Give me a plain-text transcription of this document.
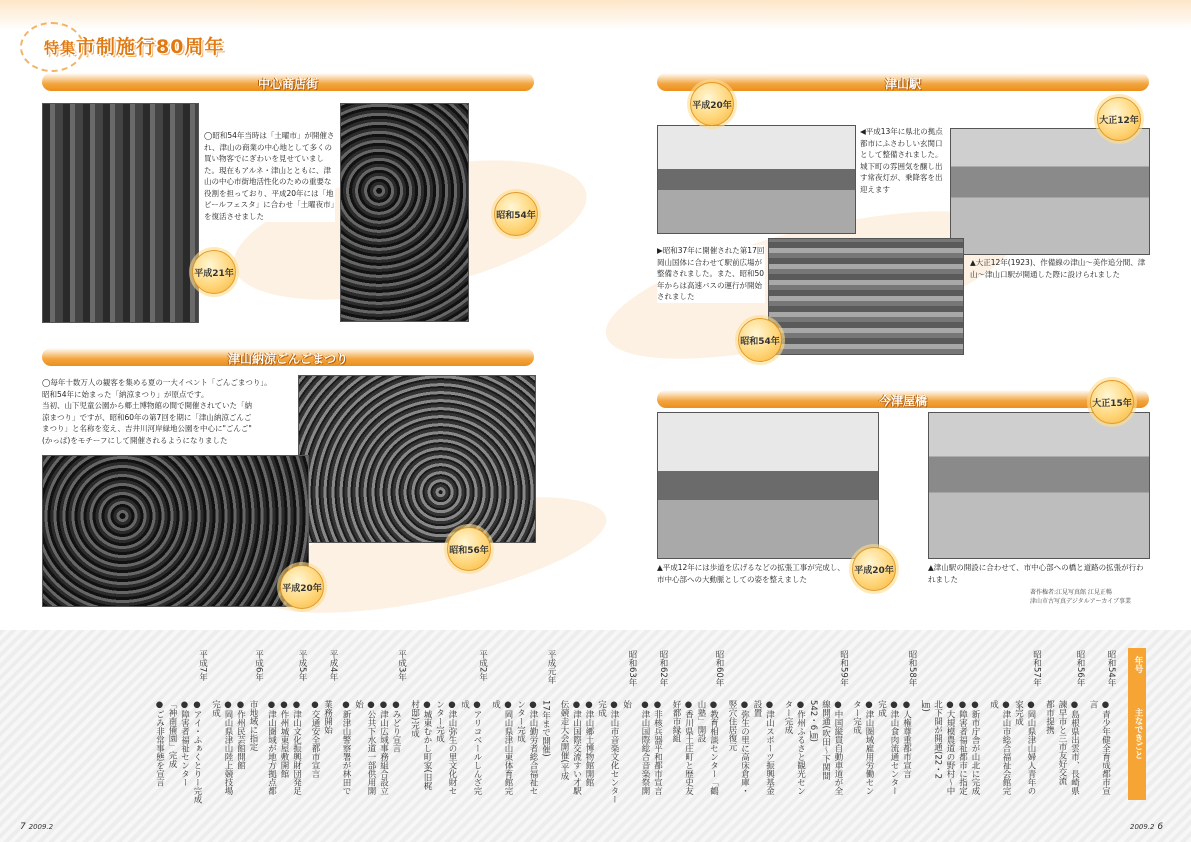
特集市制施行80周年
中心商店街
◯昭和54年当時は「土曜市」が開催され、津山の商業の中心地として多くの買い物客でにぎわいを見せていました。現在もアルネ・津山とともに、津山の中心市街地活性化のための重要な役割を担っており、平成20年には「地ビールフェスタ」に合わせ「土曜夜市」を復活させました
平成21年
昭和54年
津山納涼ごんごまつり
◯毎年十数万人の観客を集める夏の一大イベント「ごんごまつり」。
昭和54年に始まった「納涼まつり」が原点です。
当初、山下児童公園から郷土博物館の間で開催されていた「納
涼まつり」ですが、昭和60年の第7回を期に「津山納涼ごんご
まつり」と名称を変え、吉井川河岸緑地公園を中心に"ごんご"
(かっぱ)をモチーフにして開催されるようになりました
昭和56年
平成20年
津山駅
◀平成13年に県北の拠点都市にふさわしい玄関口として整備されました。城下町の雰囲気を醸し出す常夜灯が、乗降客を出迎えます
▶昭和37年に開催された第17回岡山国体に合わせて駅前広場が整備されました。また、昭和50年からは高速バスの運行が開始されました
▲大正12年(1923)、作備線の津山〜美作追分間、津山〜津山口駅が開通した際に設けられました
平成20年
大正12年
昭和54年
今津屋橋
▲平成12年には歩道を広げるなどの拡張工事が完成し、市中心部への大動脈としての姿を整えました
▲津山駅の開設に合わせて、市中心部への橋と道路の拡張が行われました
著作権者:江見写真館 江見正暢
津山市古写真デジタルアーカイブ事業
大正15年
平成20年
年号
主なできごと
昭和54年
●青少年健全育成都市宣
言
昭和56年
●島根県出雲市、長崎県
諫早市と三市友好交流
都市提携
昭和57年
●岡山県津山婦人青年の
家完成
●津山市総合福祉会館完
成
●新市庁舎が山北に完成
●障害者福祉都市に指定
●大規模農道の野村〜中
北下間が開通(22・2
㎞)
昭和58年
●人権尊重都市宣言
●津山食肉流通センター
完成
●津山圏域雇用労働セン
ター完成
昭和59年
●中国縦貫自動車道が全
線開通(吹田〜下関間
542・6㎞)
●作州ふるさと観光セン
ター完成
●津山スポーツ振興基金
設置
●弥生の里に高床倉庫・
竪穴住居復元
昭和60年
●教育相談センター「鶴
山塾」開設
●香川県土庄町と歴史友
好都市縁組
昭和62年
●非核兵器平和都市宣言
●津山国際総合音楽祭開
昭和63年
始
●津山市音楽文化センター
完成
●津山郷土博物館開館
●津山国際交流すい才駅
伝競走大会開催(平成
平成元年
17年まで開催)
●津山勤労者総合福祉セ
ンター完成
●岡山県津山東体育館完
成
平成2年
●アリコベールしんざ完
成
●津山弥生の里文化財セ
ンター完成
●城東むかし町家(旧梶
村邸)完成
平成3年
●みどり宣言
●津山広域事務組合設立
●公共下水道一部供用開
始
●新津山警察署が林田で
平成4年
業務開始
●交通安全都市宣言
平成5年
●津山文化振興財団発足
●作州城東屋敷開館
●津山圏域が地方拠点都
平成6年
市地域に指定
●作州民芸館開館
●岡山県津山陸上競技場
完成
平成7年
●アイ・ふぁくとりー完成
●障害者福祉センター
「神南備園」完成
●ごみ非常事態を宣言
7 2009.2	2009.2 6
